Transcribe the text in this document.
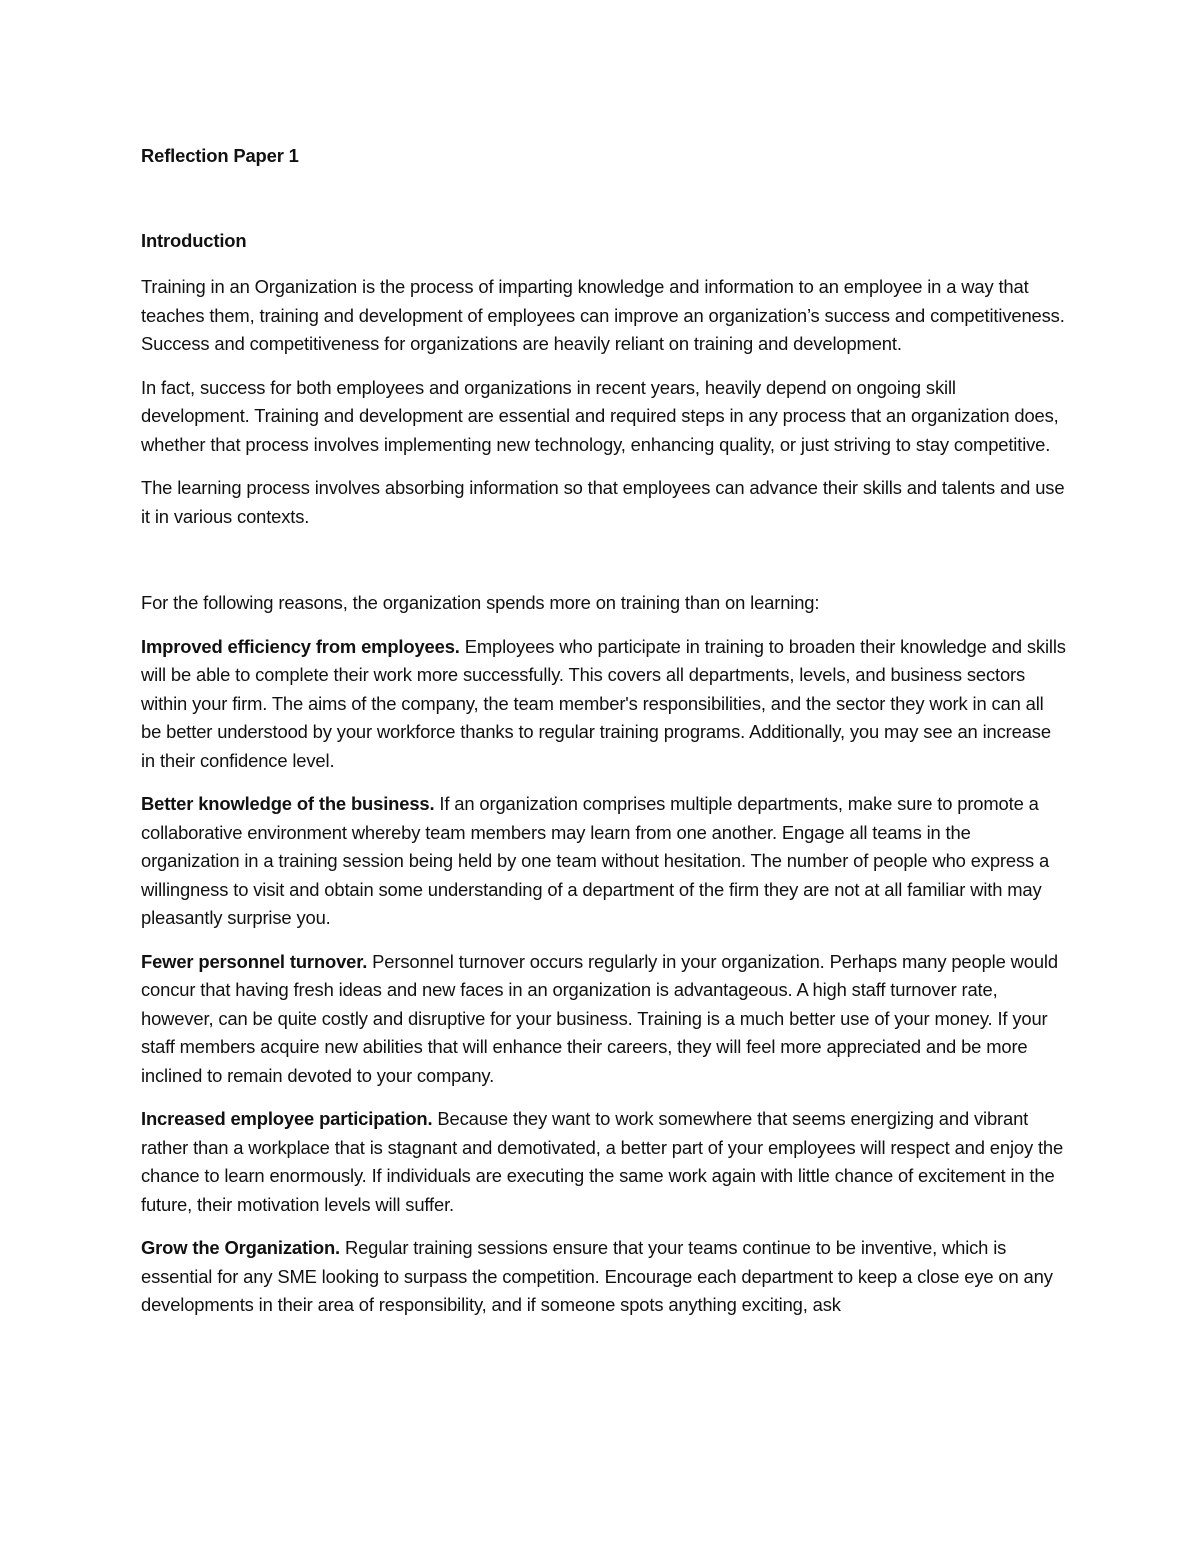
Reflection Paper 1
Introduction

Training in an Organization is the process of imparting knowledge and information to an employee in a way that teaches them, training and development of employees can improve an organization’s success and competitiveness. Success and competitiveness for organizations are heavily reliant on training and development.

In fact, success for both employees and organizations in recent years, heavily depend on ongoing skill development. Training and development are essential and required steps in any process that an organization does, whether that process involves implementing new technology, enhancing quality, or just striving to stay competitive.

The learning process involves absorbing information so that employees can advance their skills and talents and use it in various contexts.

For the following reasons, the organization spends more on training than on learning:

Improved efficiency from employees. Employees who participate in training to broaden their knowledge and skills will be able to complete their work more successfully. This covers all departments, levels, and business sectors within your firm. The aims of the company, the team member's responsibilities, and the sector they work in can all be better understood by your workforce thanks to regular training programs. Additionally, you may see an increase in their confidence level.

Better knowledge of the business. If an organization comprises multiple departments, make sure to promote a collaborative environment whereby team members may learn from one another. Engage all teams in the organization in a training session being held by one team without hesitation. The number of people who express a willingness to visit and obtain some understanding of a department of the firm they are not at all familiar with may pleasantly surprise you.

Fewer personnel turnover. Personnel turnover occurs regularly in your organization. Perhaps many people would concur that having fresh ideas and new faces in an organization is advantageous. A high staff turnover rate, however, can be quite costly and disruptive for your business. Training is a much better use of your money. If your staff members acquire new abilities that will enhance their careers, they will feel more appreciated and be more inclined to remain devoted to your company.

Increased employee participation. Because they want to work somewhere that seems energizing and vibrant rather than a workplace that is stagnant and demotivated, a better part of your employees will respect and enjoy the chance to learn enormously. If individuals are executing the same work again with little chance of excitement in the future, their motivation levels will suffer.

Grow the Organization. Regular training sessions ensure that your teams continue to be inventive, which is essential for any SME looking to surpass the competition. Encourage each department to keep a close eye on any developments in their area of responsibility, and if someone spots anything exciting, ask
